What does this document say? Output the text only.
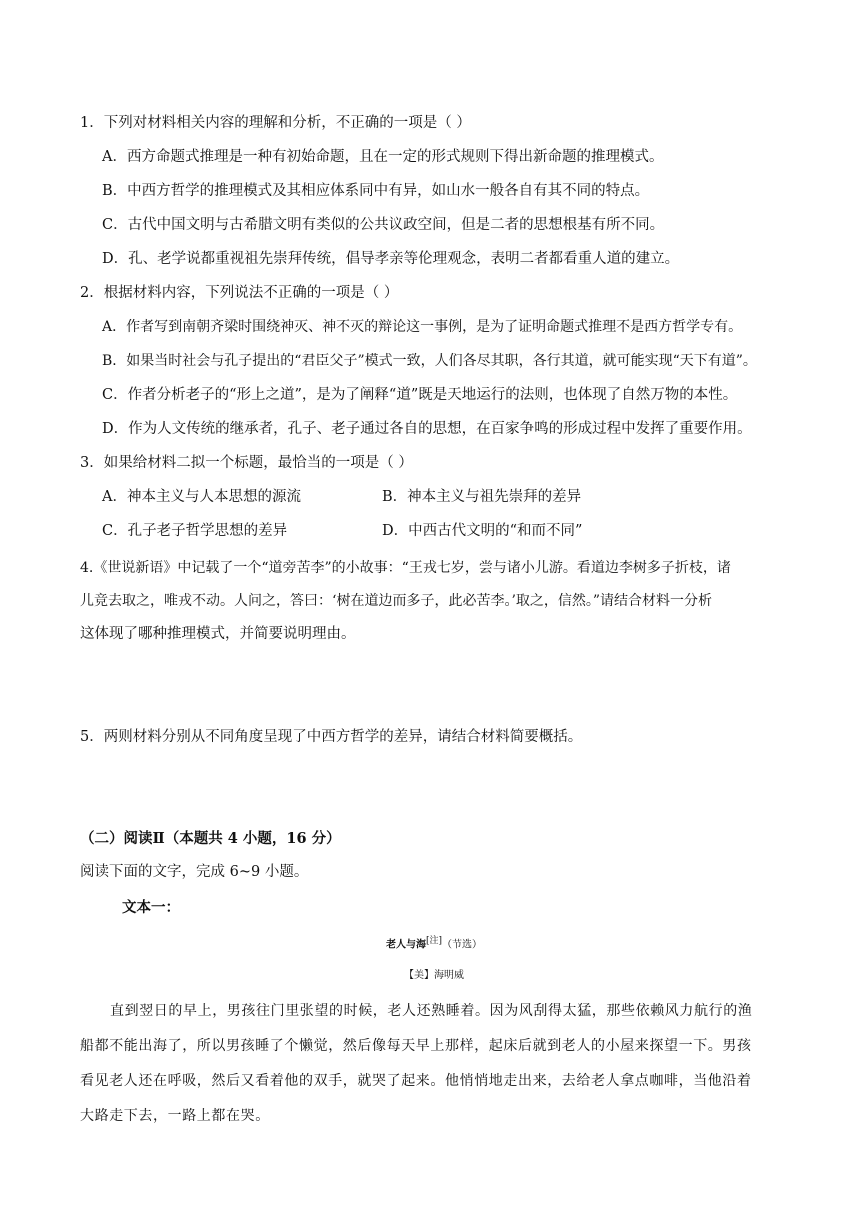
1．下列对材料相关内容的理解和分析，不正确的一项是（ ）
A．西方命题式推理是一种有初始命题，且在一定的形式规则下得出新命题的推理模式。
B．中西方哲学的推理模式及其相应体系同中有异，如山水一般各自有其不同的特点。
C．古代中国文明与古希腊文明有类似的公共议政空间，但是二者的思想根基有所不同。
D．孔、老学说都重视祖先崇拜传统，倡导孝亲等伦理观念，表明二者都看重人道的建立。
2．根据材料内容，下列说法不正确的一项是（ ）
A．作者写到南朝齐梁时围绕神灭、神不灭的辩论这一事例，是为了证明命题式推理不是西方哲学专有。
B．如果当时社会与孔子提出的“君臣父子”模式一致，人们各尽其职，各行其道，就可能实现“天下有道”。
C．作者分析老子的“形上之道”，是为了阐释“道”既是天地运行的法则，也体现了自然万物的本性。
D．作为人文传统的继承者，孔子、老子通过各自的思想，在百家争鸣的形成过程中发挥了重要作用。
3．如果给材料二拟一个标题，最恰当的一项是（ ）
A．神本主义与人本思想的源流	B．神本主义与祖先崇拜的差异
C．孔子老子哲学思想的差异	D．中西古代文明的“和而不同”
4.《世说新语》中记载了一个“道旁苦李”的小故事：“王戎七岁，尝与诸小儿游。看道边李树多子折枝，诸
儿竞去取之，唯戎不动。人问之，答曰：‘树在道边而多子，此必苦李。’取之，信然。”请结合材料一分析
这体现了哪种推理模式，并简要说明理由。
5．两则材料分别从不同角度呈现了中西方哲学的差异，请结合材料简要概括。
（二）阅读Ⅱ（本题共 4 小题，16 分）
阅读下面的文字，完成 6~9 小题。
文本一：
老人与海[注]（节选）
【美】海明威
直到翌日的早上，男孩往门里张望的时候，老人还熟睡着。因为风刮得太猛，那些依赖风力航行的渔
船都不能出海了，所以男孩睡了个懒觉，然后像每天早上那样，起床后就到老人的小屋来探望一下。男孩
看见老人还在呼吸，然后又看着他的双手，就哭了起来。他悄悄地走出来，去给老人拿点咖啡，当他沿着
大路走下去，一路上都在哭。
